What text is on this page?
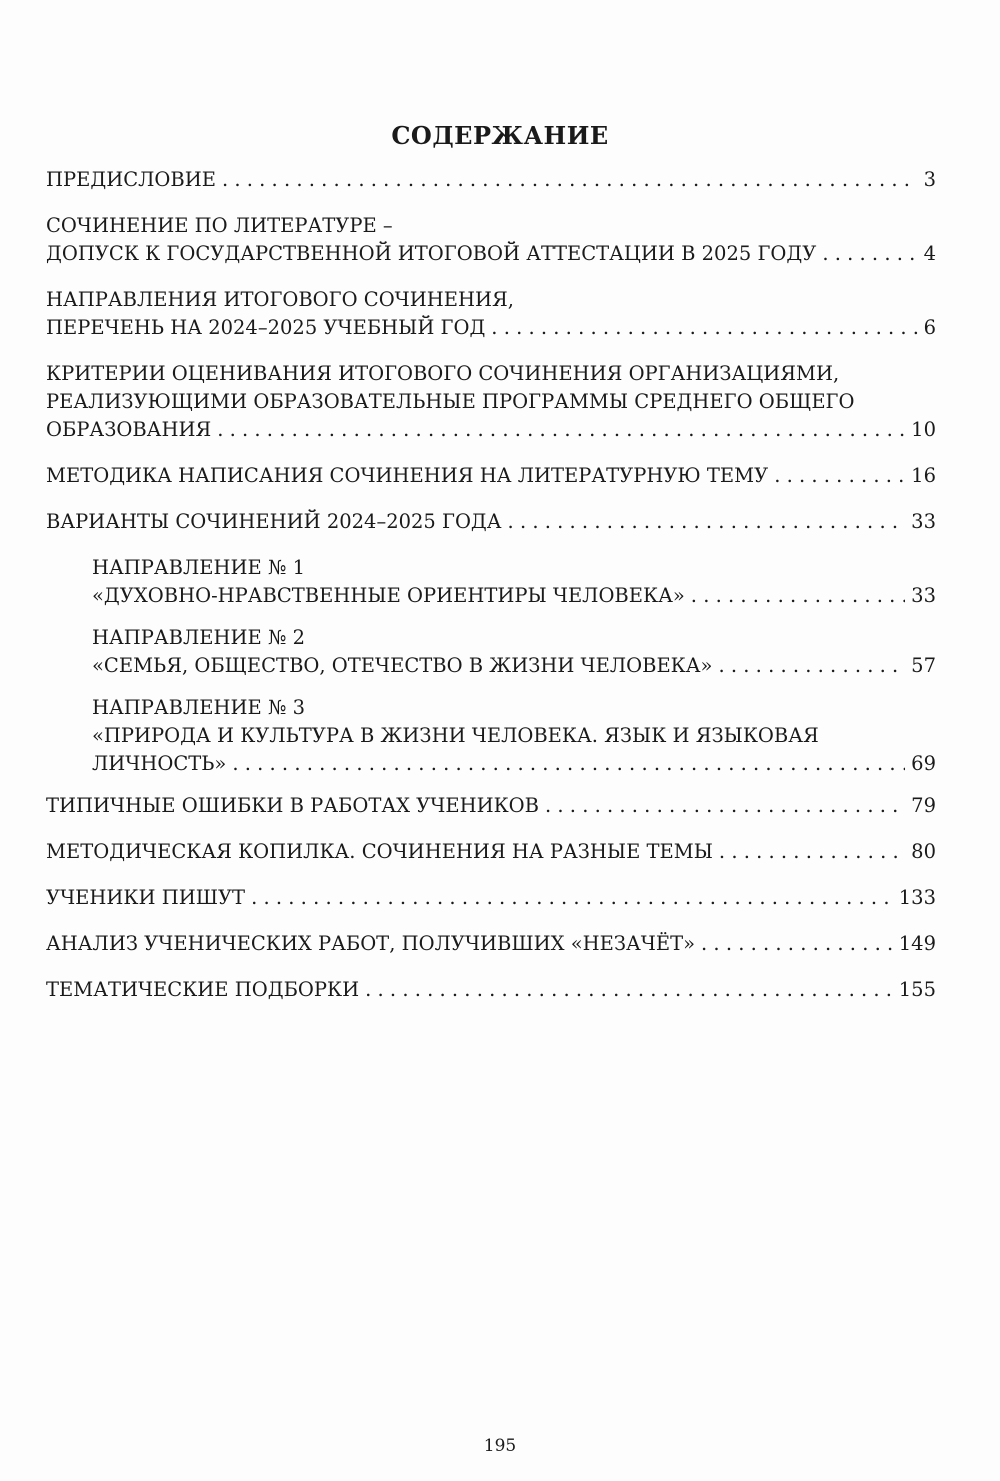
СОДЕРЖАНИЕ
ПРЕДИСЛОВИЕ . . .	3
СОЧИНЕНИЕ ПО ЛИТЕРАТУРЕ –
ДОПУСК К ГОСУДАРСТВЕННОЙ ИТОГОВОЙ АТТЕСТАЦИИ В 2025 ГОДУ . . .	4
НАПРАВЛЕНИЯ ИТОГОВОГО СОЧИНЕНИЯ,
ПЕРЕЧЕНЬ НА 2024–2025 УЧЕБНЫЙ ГОД . . .	6
КРИТЕРИИ ОЦЕНИВАНИЯ ИТОГОВОГО СОЧИНЕНИЯ ОРГАНИЗАЦИЯМИ,
РЕАЛИЗУЮЩИМИ ОБРАЗОВАТЕЛЬНЫЕ ПРОГРАММЫ СРЕДНЕГО ОБЩЕГО
ОБРАЗОВАНИЯ . . .	10
МЕТОДИКА НАПИСАНИЯ СОЧИНЕНИЯ НА ЛИТЕРАТУРНУЮ ТЕМУ . . .	16
ВАРИАНТЫ СОЧИНЕНИЙ 2024–2025 ГОДА . . .	33
НАПРАВЛЕНИЕ № 1
«ДУХОВНО-НРАВСТВЕННЫЕ ОРИЕНТИРЫ ЧЕЛОВЕКА» . . .	33
НАПРАВЛЕНИЕ № 2
«СЕМЬЯ, ОБЩЕСТВО, ОТЕЧЕСТВО В ЖИЗНИ ЧЕЛОВЕКА» . . .	57
НАПРАВЛЕНИЕ № 3
«ПРИРОДА И КУЛЬТУРА В ЖИЗНИ ЧЕЛОВЕКА. ЯЗЫК И ЯЗЫКОВАЯ
ЛИЧНОСТЬ» . . .	69
ТИПИЧНЫЕ ОШИБКИ В РАБОТАХ УЧЕНИКОВ . . .	79
МЕТОДИЧЕСКАЯ КОПИЛКА. СОЧИНЕНИЯ НА РАЗНЫЕ ТЕМЫ . . .	80
УЧЕНИКИ ПИШУТ . . .	133
АНАЛИЗ УЧЕНИЧЕСКИХ РАБОТ, ПОЛУЧИВШИХ «НЕЗАЧЁТ» . . .	149
ТЕМАТИЧЕСКИЕ ПОДБОРКИ . . .	155
195
